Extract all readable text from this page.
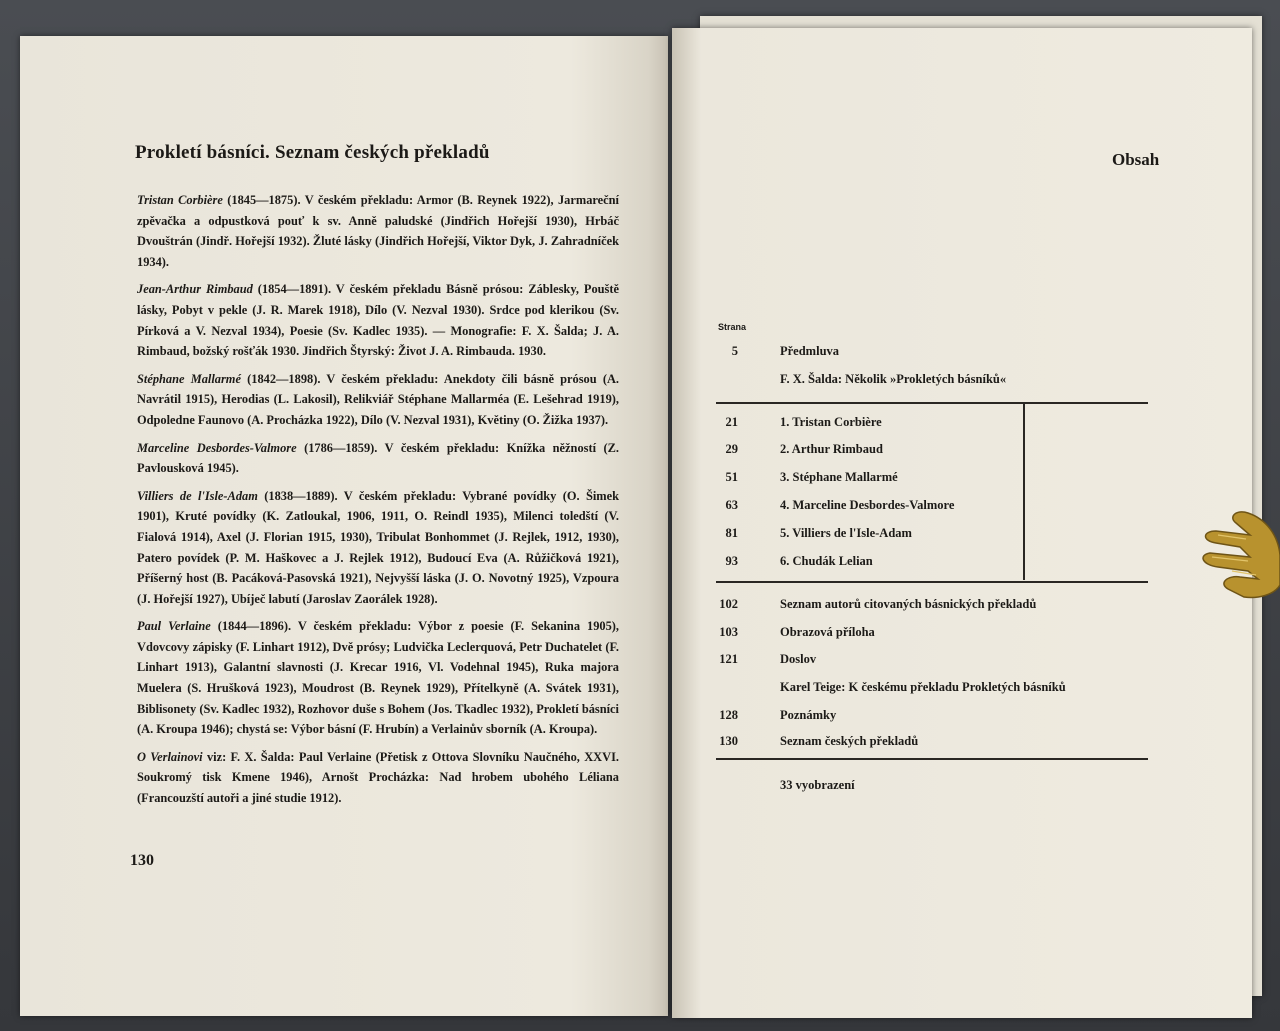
Prokletí básníci. Seznam českých překladů
Tristan Corbière (1845—1875). V českém překladu: Armor (B. Reynek 1922), Jarmareční zpěvačka a odpustková pouť k sv. Anně paludské (Jindřich Hořejší 1930), Hrbáč Dvouštrán (Jindř. Hořejší 1932). Žluté lásky (Jindřich Hořejší, Viktor Dyk, J. Zahradníček 1934).
Jean-Arthur Rimbaud (1854—1891). V českém překladu Básně prósou: Záblesky, Pouště lásky, Pobyt v pekle (J. R. Marek 1918), Dílo (V. Nezval 1930). Srdce pod klerikou (Sv. Pírková a V. Nezval 1934), Poesie (Sv. Kadlec 1935). — Monografie: F. X. Šalda; J. A. Rimbaud, božský rošťák 1930. Jindřich Štyrský: Život J. A. Rimbauda. 1930.
Stéphane Mallarmé (1842—1898). V českém překladu: Anekdoty čili básně prósou (A. Navrátil 1915), Herodias (L. Lakosil), Relikviář Stéphane Mallarméa (E. Lešehrad 1919), Odpoledne Faunovo (A. Procházka 1922), Dílo (V. Nezval 1931), Květiny (O. Žižka 1937).
Marceline Desbordes-Valmore (1786—1859). V českém překladu: Knížka něžností (Z. Pavlousková 1945).
Villiers de l'Isle-Adam (1838—1889). V českém překladu: Vybrané povídky (O. Šimek 1901), Kruté povídky (K. Zatloukal, 1906, 1911, O. Reindl 1935), Milenci toledští (V. Fialová 1914), Axel (J. Florian 1915, 1930), Tribulat Bonhommet (J. Rejlek, 1912, 1930), Patero povídek (P. M. Haškovec a J. Rejlek 1912), Budoucí Eva (A. Růžičková 1921), Příšerný host (B. Pacáková-Pasovská 1921), Nejvyšší láska (J. O. Novotný 1925), Vzpoura (J. Hořejší 1927), Ubíječ labutí (Jaroslav Zaorálek 1928).
Paul Verlaine (1844—1896). V českém překladu: Výbor z poesie (F. Sekanina 1905), Vdovcovy zápisky (F. Linhart 1912), Dvě prósy; Ludvička Leclerquová, Petr Duchatelet (F. Linhart 1913), Galantní slavnosti (J. Krecar 1916, Vl. Vodehnal 1945), Ruka majora Muelera (S. Hrušková 1923), Moudrost (B. Reynek 1929), Přítelkyně (A. Svátek 1931), Biblisonety (Sv. Kadlec 1932), Rozhovor duše s Bohem (Jos. Tkadlec 1932), Prokletí básníci (A. Kroupa 1946); chystá se: Výbor básní (F. Hrubín) a Verlainův sborník (A. Kroupa).
O Verlainovi viz: F. X. Šalda: Paul Verlaine (Přetisk z Ottova Slovníku Naučného, XXVI. Soukromý tisk Kmene 1946), Arnošt Procházka: Nad hrobem ubohého Léliana (Francouzští autoři a jiné studie 1912).
130
Obsah
Strana
5	Předmluva
F. X. Šalda: Několik »Prokletých básníků«
21	1. Tristan Corbière
29	2. Arthur Rimbaud
51	3. Stéphane Mallarmé
63	4. Marceline Desbordes-Valmore
81	5. Villiers de l'Isle-Adam
93	6. Chudák Lelian
102	Seznam autorů citovaných básnických překladů
103	Obrazová příloha
121	Doslov
Karel Teige: K českému překladu Prokletých básníků
128	Poznámky
130	Seznam českých překladů
33 vyobrazení
